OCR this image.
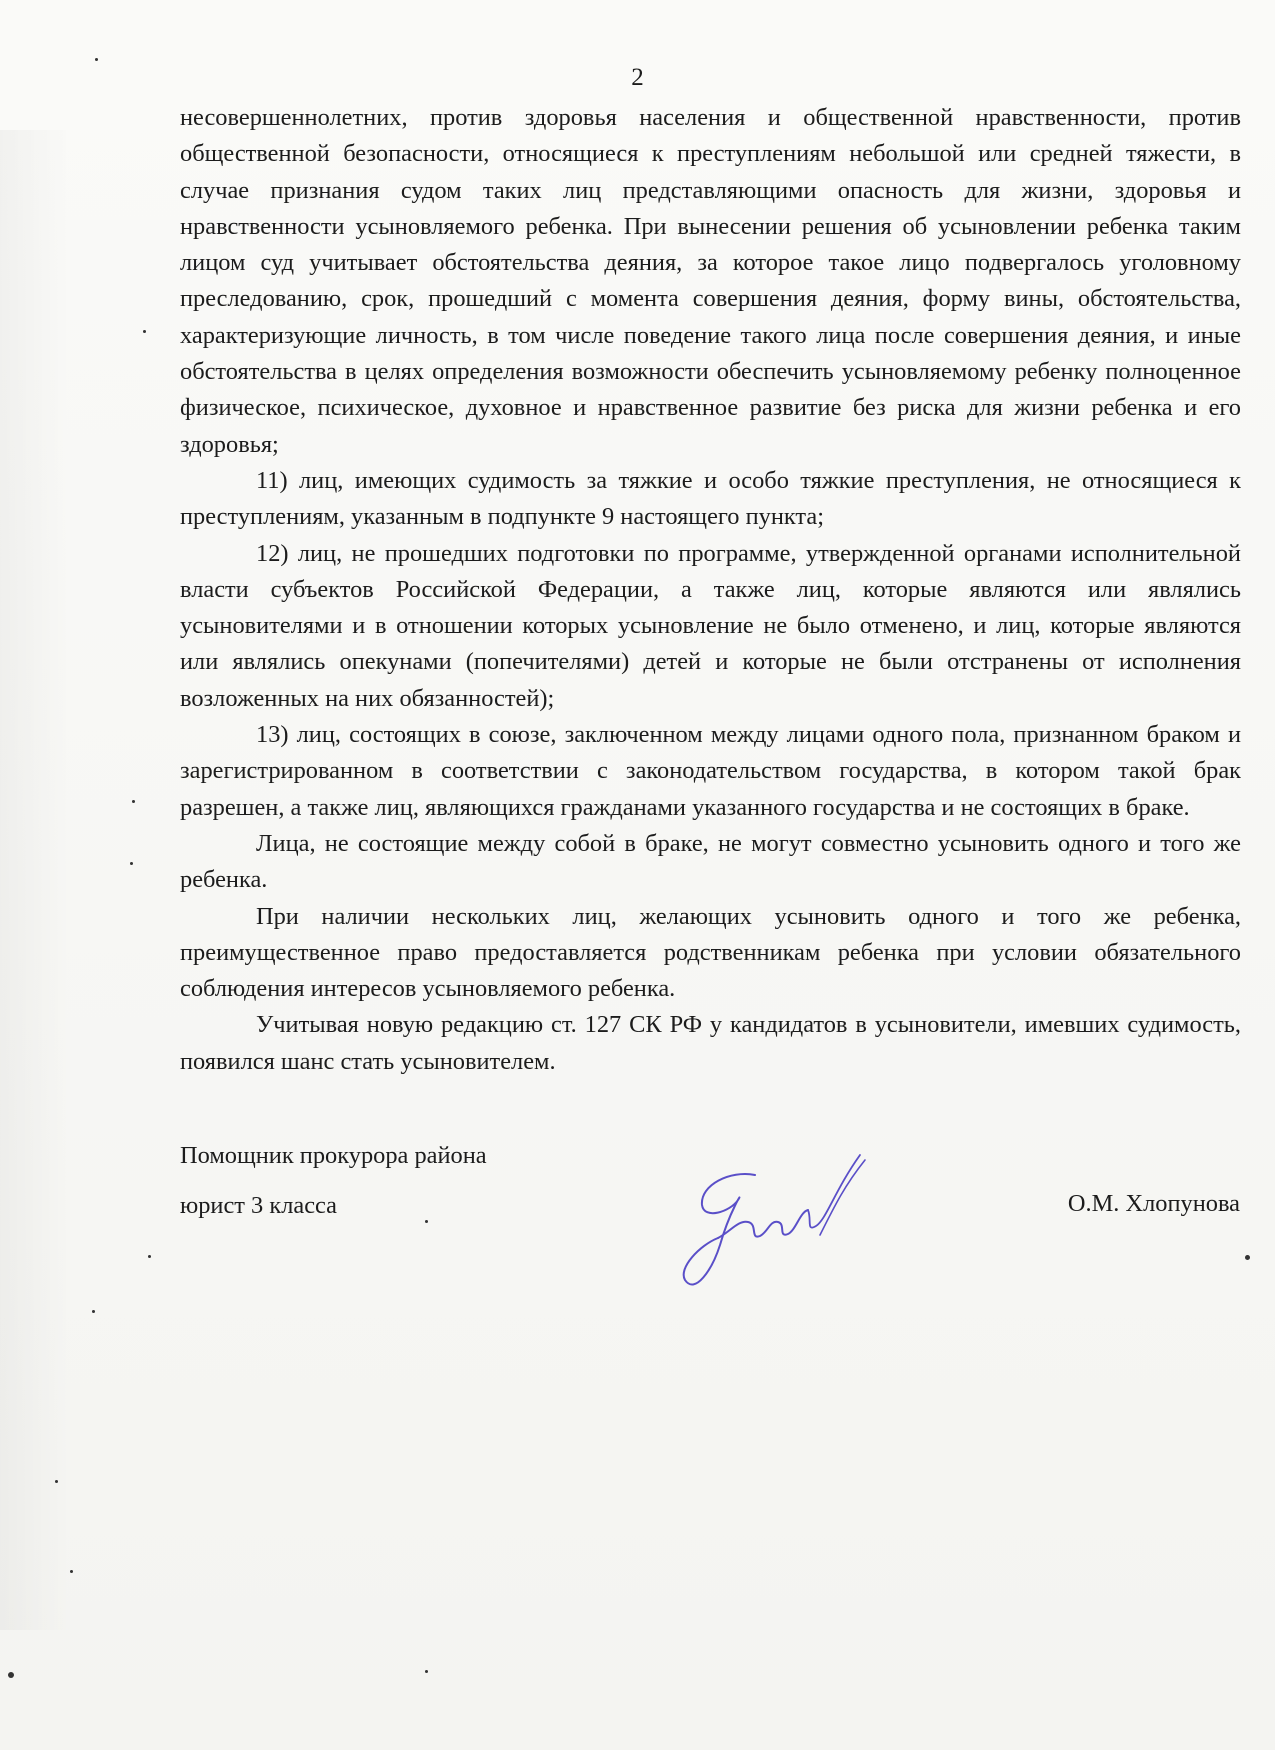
2

несовершеннолетних, против здоровья населения и общественной нравственности, против общественной безопасности, относящиеся к преступлениям небольшой или средней тяжести, в случае признания судом таких лиц представляющими опасность для жизни, здоровья и нравственности усыновляемого ребенка. При вынесении решения об усыновлении ребенка таким лицом суд учитывает обстоятельства деяния, за которое такое лицо подвергалось уголовному преследованию, срок, прошедший с момента совершения деяния, форму вины, обстоятельства, характеризующие личность, в том числе поведение такого лица после совершения деяния, и иные обстоятельства в целях определения возможности обеспечить усыновляемому ребенку полноценное физическое, психическое, духовное и нравственное развитие без риска для жизни ребенка и его здоровья;

11) лиц, имеющих судимость за тяжкие и особо тяжкие преступления, не относящиеся к преступлениям, указанным в подпункте 9 настоящего пункта;

12) лиц, не прошедших подготовки по программе, утвержденной органами исполнительной власти субъектов Российской Федерации, а также лиц, которые являются или являлись усыновителями и в отношении которых усыновление не было отменено, и лиц, которые являются или являлись опекунами (попечителями) детей и которые не были отстранены от исполнения возложенных на них обязанностей);

13) лиц, состоящих в союзе, заключенном между лицами одного пола, признанном браком и зарегистрированном в соответствии с законодательством государства, в котором такой брак разрешен, а также лиц, являющихся гражданами указанного государства и не состоящих в браке.

Лица, не состоящие между собой в браке, не могут совместно усыновить одного и того же ребенка.

При наличии нескольких лиц, желающих усыновить одного и того же ребенка, преимущественное право предоставляется родственникам ребенка при условии обязательного соблюдения интересов усыновляемого ребенка.

Учитывая новую редакцию ст. 127 СК РФ у кандидатов в усыновители, имевших судимость, появился шанс стать усыновителем.

Помощник прокурора района
юрист 3 класса	О.М. Хлопунова
